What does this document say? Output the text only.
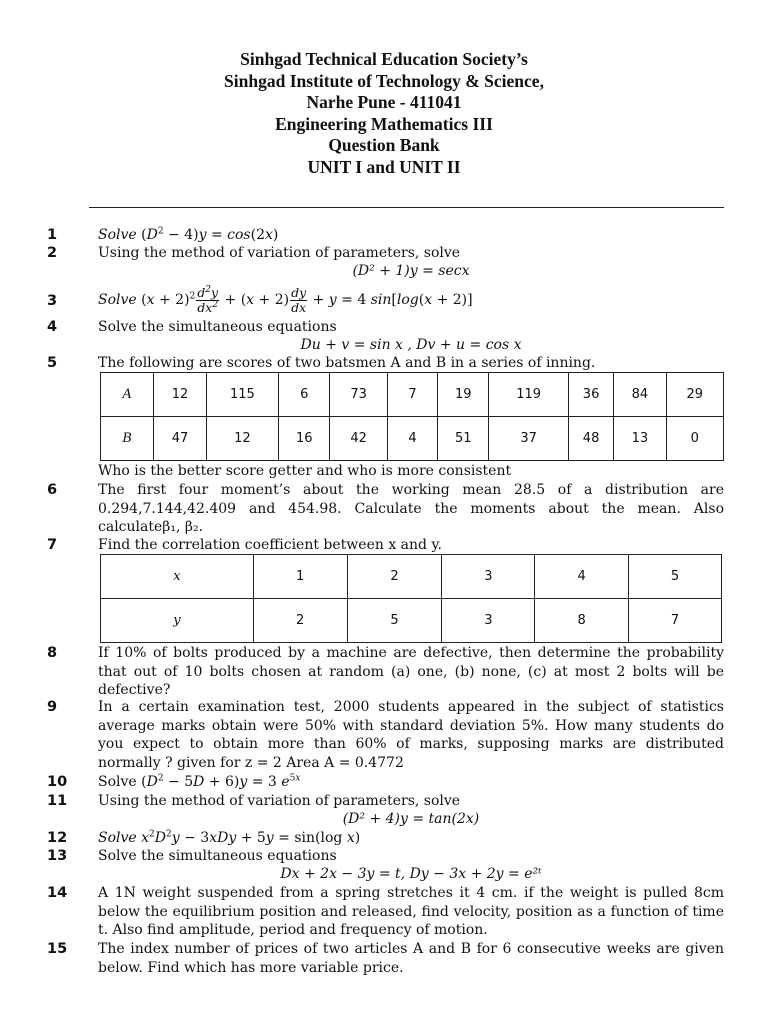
Sinhgad Technical Education Society’s
Sinhgad Institute of Technology & Science,
Narhe Pune - 411041
Engineering Mathematics III
Question Bank
UNIT I and UNIT II
1	Solve $(D^2 - 4)y = \cos(2x)$
2	Using the method of variation of parameters, solve
(D² + 1)y = secx
3	Solve $(x + 2)^2 \frac{d^2y}{dx^2} + (x + 2) \frac{dy}{dx} + y = 4$ sin[log(x + 2)]
4	Solve the simultaneous equations
Du + v = sin x , Dv + u = cos x
5	The following are scores of two batsmen A and B in a series of inning.
A	12	115	6	73	7	19	119	36	84	29
B	47	12	16	42	4	51	37	48	13	0
Who is the better score getter and who is more consistent
6	The first four moment’s about the working mean 28.5 of a distribution are 0.294,7.144,42.409 and 454.98. Calculate the moments about the mean. Also calculateβ₁, β₂.
7	Find the correlation coefficient between x and y.
x	1	2	3	4	5
y	2	5	3	8	7
8	If 10% of bolts produced by a machine are defective, then determine the probability that out of 10 bolts chosen at random (a) one, (b) none, (c) at most 2 bolts will be defective?
9	In a certain examination test, 2000 students appeared in the subject of statistics average marks obtain were 50% with standard deviation 5%. How many students do you expect to obtain more than 60% of marks, supposing marks are distributed normally ? given for z = 2 Area A = 0.4772
10 Solve $(D^2 - 5D + 6)y = 3$ $e^{5x}$
11 Using the method of variation of parameters, solve
(D² + 4)y = tan(2x)
12 Solve $x^2D^2y - 3xDy + 5y = \sin(\log$ x)
13 Solve the simultaneous equations
Dx + 2x − 3y = t, Dy − 3x + 2y = e²ᵗ
14 A 1N weight suspended from a spring stretches it 4 cm. if the weight is pulled 8cm below the equilibrium position and released, find velocity, position as a function of time t. Also find amplitude, period and frequency of motion.
15 The index number of prices of two articles A and B for 6 consecutive weeks are given below. Find which has more variable price.
